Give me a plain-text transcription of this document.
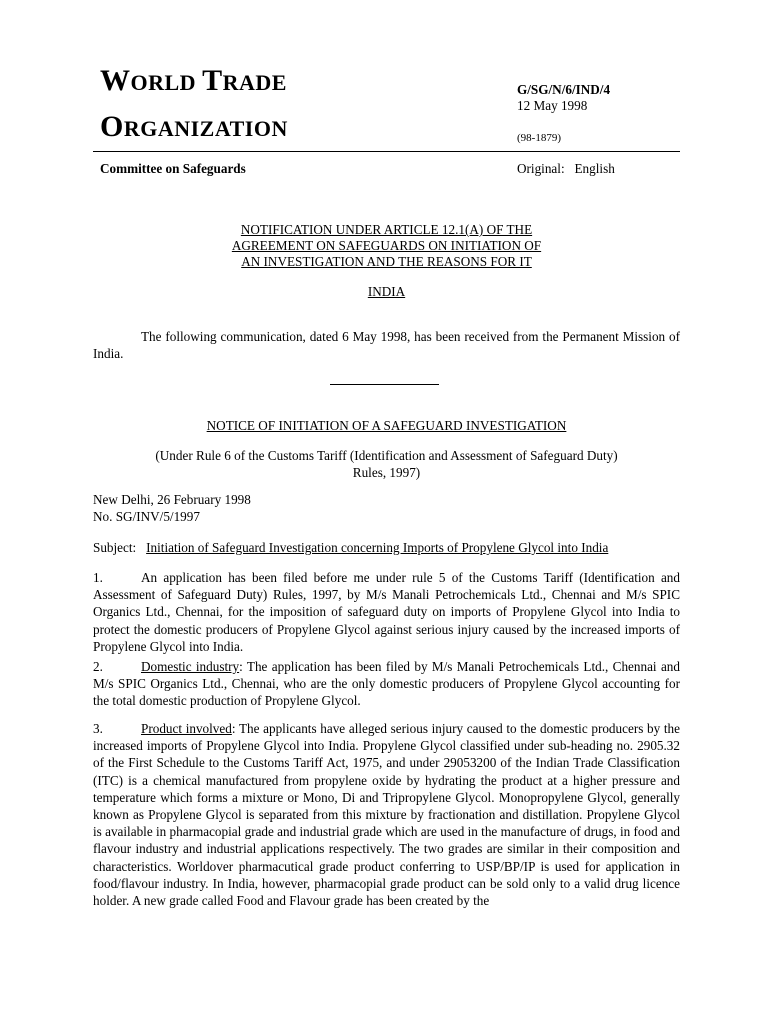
WORLD TRADE
ORGANIZATION
G/SG/N/6/IND/4
12 May 1998
(98-1879)
Committee on Safeguards	Original:   English
NOTIFICATION UNDER ARTICLE 12.1(A) OF THE
AGREEMENT ON SAFEGUARDS ON INITIATION OF
AN INVESTIGATION AND THE REASONS FOR IT
INDIA
The following communication, dated 6 May 1998, has been received from the Permanent Mission of India.
NOTICE OF INITIATION OF A SAFEGUARD INVESTIGATION
(Under Rule 6 of the Customs Tariff (Identification and Assessment of Safeguard Duty)
Rules, 1997)
New Delhi, 26 February 1998
No. SG/INV/5/1997
Subject: Initiation of Safeguard Investigation concerning Imports of Propylene Glycol into India
1.	An application has been filed before me under rule 5 of the Customs Tariff (Identification and Assessment of Safeguard Duty) Rules, 1997, by M/s Manali Petrochemicals Ltd., Chennai and M/s SPIC Organics Ltd., Chennai, for the imposition of safeguard duty on imports of Propylene Glycol into India to protect the domestic producers of Propylene Glycol against serious injury caused by the increased imports of Propylene Glycol into India.
2.	Domestic industry: The application has been filed by M/s Manali Petrochemicals Ltd., Chennai and M/s SPIC Organics Ltd., Chennai, who are the only domestic producers of Propylene Glycol accounting for the total domestic production of Propylene Glycol.
3.	Product involved: The applicants have alleged serious injury caused to the domestic producers by the increased imports of Propylene Glycol into India. Propylene Glycol classified under sub-heading no. 2905.32 of the First Schedule to the Customs Tariff Act, 1975, and under 29053200 of the Indian Trade Classification (ITC) is a chemical manufactured from propylene oxide by hydrating the product at a higher pressure and temperature which forms a mixture or Mono, Di and Tripropylene Glycol. Monopropylene Glycol, generally known as Propylene Glycol is separated from this mixture by fractionation and distillation. Propylene Glycol is available in pharmacopial grade and industrial grade which are used in the manufacture of drugs, in food and flavour industry and industrial applications respectively. The two grades are similar in their composition and characteristics. Worldover pharmacutical grade product conferring to USP/BP/IP is used for application in food/flavour industry. In India, however, pharmacopial grade product can be sold only to a valid drug licence holder. A new grade called Food and Flavour grade has been created by the
